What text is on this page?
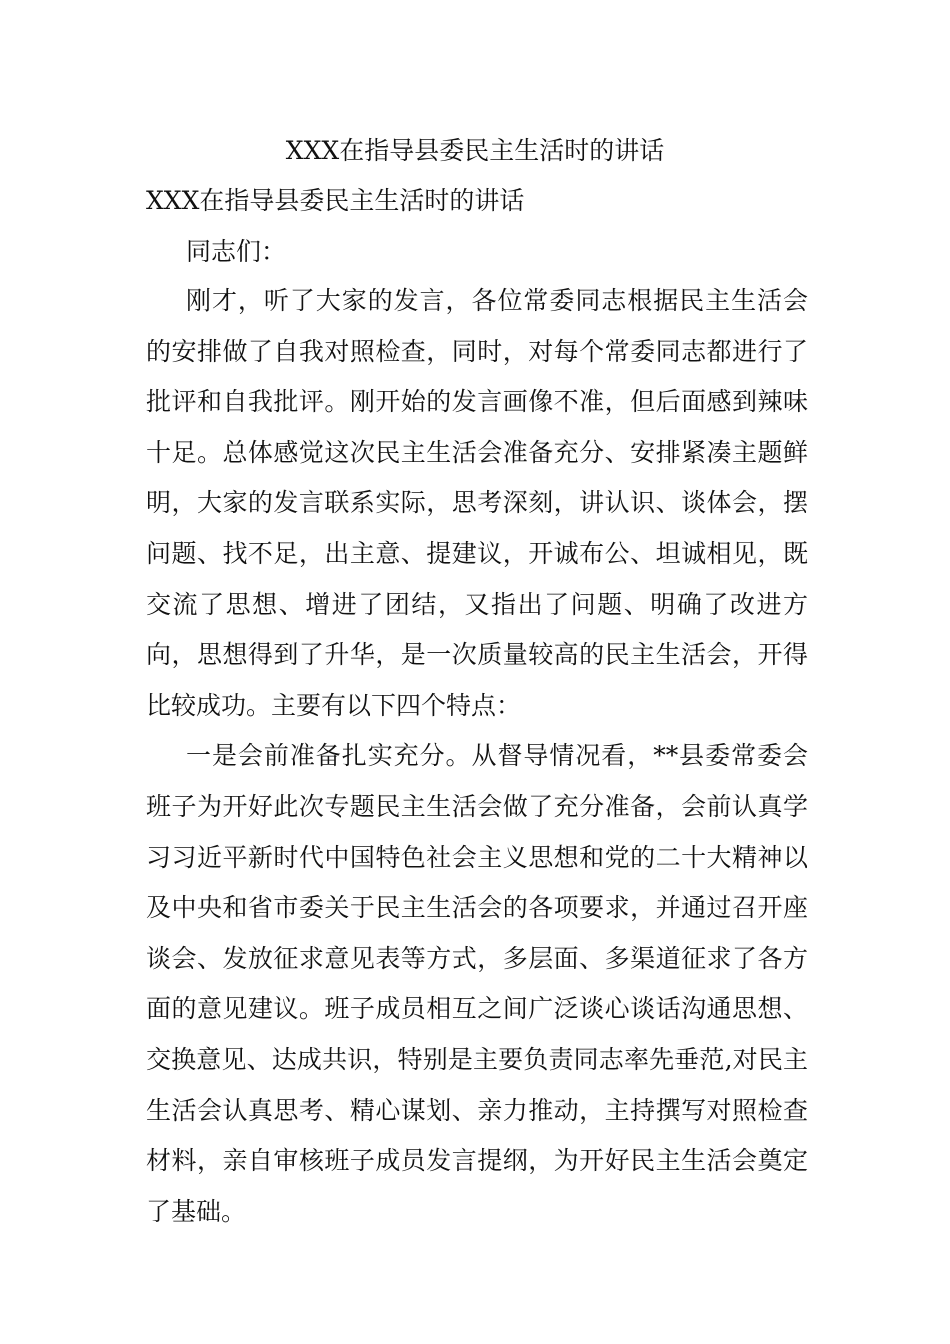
XXX在指导县委民主生活时的讲话
XXX在指导县委民主生活时的讲话

同志们：

刚才，听了大家的发言，各位常委同志根据民主生活会的安排做了自我对照检查，同时，对每个常委同志都进行了批评和自我批评。刚开始的发言画像不准，但后面感到辣味十足。总体感觉这次民主生活会准备充分、安排紧凑主题鲜明，大家的发言联系实际，思考深刻，讲认识、谈体会，摆问题、找不足，出主意、提建议，开诚布公、坦诚相见，既交流了思想、增进了团结，又指出了问题、明确了改进方向，思想得到了升华，是一次质量较高的民主生活会，开得比较成功。主要有以下四个特点：

一是会前准备扎实充分。从督导情况看，**县委常委会班子为开好此次专题民主生活会做了充分准备，会前认真学习习近平新时代中国特色社会主义思想和党的二十大精神以及中央和省市委关于民主生活会的各项要求，并通过召开座谈会、发放征求意见表等方式，多层面、多渠道征求了各方面的意见建议。班子成员相互之间广泛谈心谈话沟通思想、交换意见、达成共识，特别是主要负责同志率先垂范,对民主生活会认真思考、精心谋划、亲力推动，主持撰写对照检查材料，亲自审核班子成员发言提纲，为开好民主生活会奠定了基础。
